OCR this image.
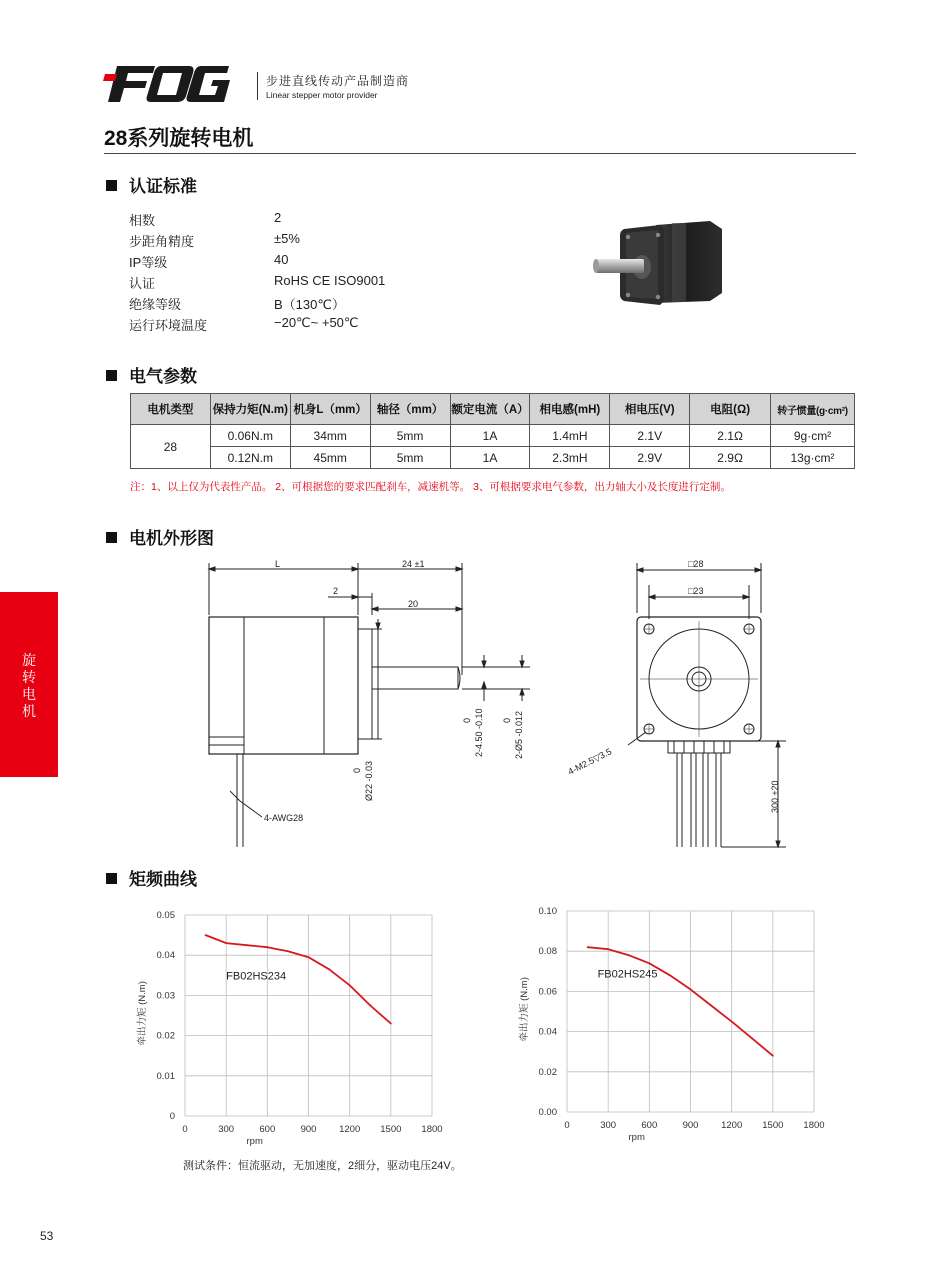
步进直线传动产品制造商
Linear stepper motor provider
28系列旋转电机
认证标准
相数	2
步距角精度	±5%
IP等级	40
认证	RoHS CE ISO9001
绝缘等级	B（130℃）
运行环境温度	−20℃~ +50℃
电气参数
电机类型	保持力矩(N.m)	机身L（mm）	轴径（mm）	额定电流（A）	相电感(mH)	相电压(V)	电阻(Ω)	转子惯量(g·cm²)
28	0.06N.m	34mm	5mm	1A	1.4mH	2.1V	2.1Ω	9g·cm²
	0.12N.m	45mm	5mm	1A	2.3mH	2.9V	2.9Ω	13g·cm²
注：1、以上仅为代表性产品。 2、可根据您的要求匹配刹车，减速机等。 3、可根据要求电气参数，出力轴大小及长度进行定制。
电机外形图
L	24 ±1
2
20
0 2-4.50 -0.10 0 2-Ø5 -0.012
0 Ø22 -0.03
4-AWG28
□28
□23
300 ±20
4-M2.5▽3.5
矩频曲线
0	300	600	900 1200 1500 1800
0
0.01
0.02
0.03
0.04
0.05
rpm
牵出力矩 (N.m)
FB02HS234
0	300	600	900 1200 1500 1800
0.00
0.02
0.04
0.06
0.08
0.10
rpm
牵出力矩 (N.m)
FB02HS245
测试条件：恒流驱动，无加速度，2细分，驱动电压24V。
旋
转
电
机
53
